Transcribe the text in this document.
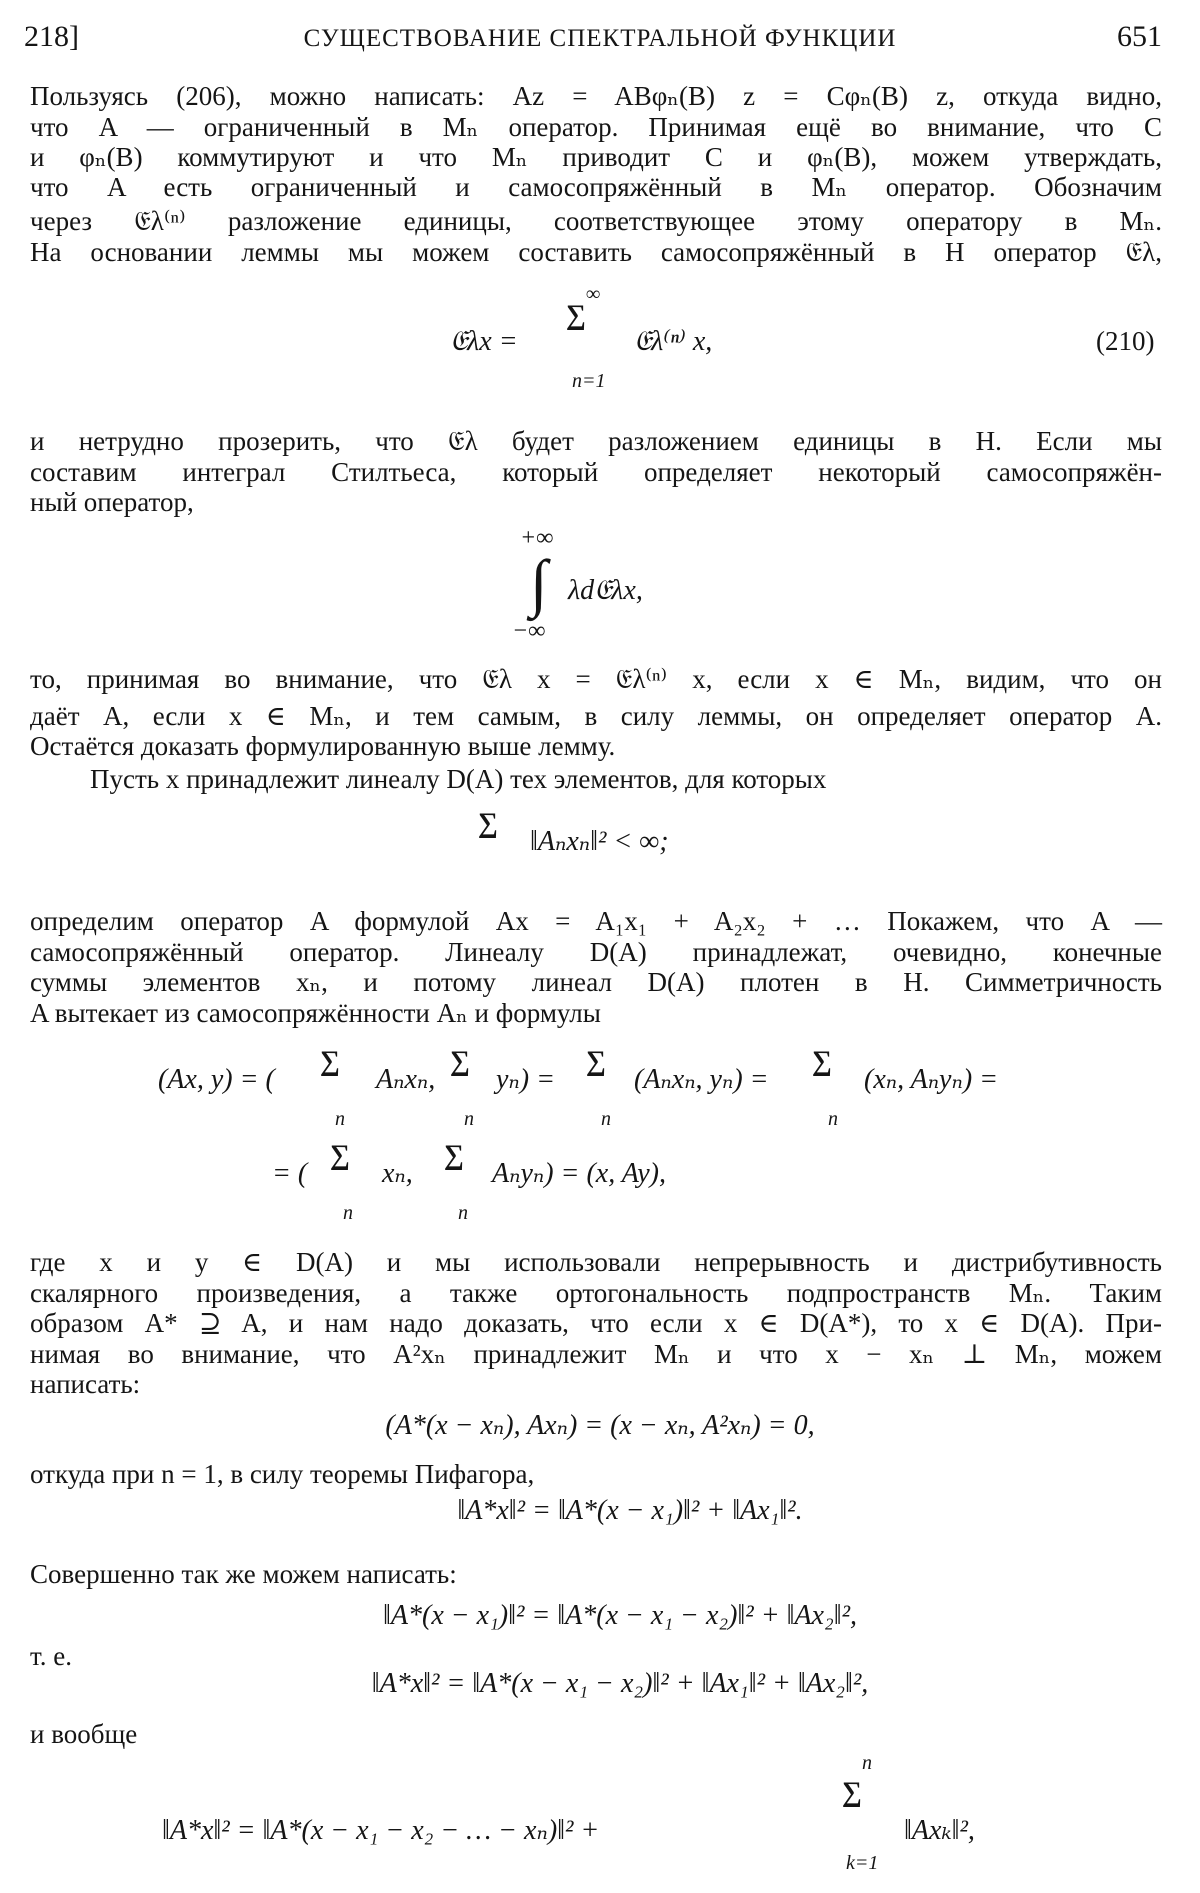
218]	СУЩЕСТВОВАНИЕ СПЕКТРАЛЬНОЙ ФУНКЦИИ	651
Пользуясь (206), можно написать: Az = ABφₙ(B) z = Cφₙ(B) z, откуда видно,
что A — ограниченный в Mₙ оператор. Принимая ещё во внимание, что C
и φₙ(B) коммутируют и что Mₙ приводит C и φₙ(B), можем утверждать,
что A есть ограниченный и самосопряжённый в Mₙ оператор. Обозначим
через 𝔈λ⁽ⁿ⁾ разложение единицы, соответствующее этому оператору в Mₙ.
На основании леммы мы можем составить самосопряжённый в H оператор 𝔈λ,
𝔈λx =
∞
∑
n=1
𝔈λ⁽ⁿ⁾ x,	(210)
и нетрудно прозерить, что 𝔈λ будет разложением единицы в H. Если мы
составим интеграл Стилтьеса, который определяет некоторый самосопряжён-
ный оператор,
+∞
∫ λd𝔈λx,
−∞
то, принимая во внимание, что 𝔈λ x = 𝔈λ⁽ⁿ⁾ x, если x ∈ Mₙ, видим, что он
даёт A, если x ∈ Mₙ, и тем самым, в силу леммы, он определяет оператор A.
Остаётся доказать формулированную выше лемму.
Пусть x принадлежит линеалу D(A) тех элементов, для которых
∑
‖Aₙxₙ‖² < ∞;
определим оператор A формулой Ax = A₁x₁ + A₂x₂ + … Покажем, что A —
самосопряжённый оператор. Линеалу D(A) принадлежат, очевидно, конечные
суммы элементов xₙ, и потому линеал D(A) плотен в H. Симметричность
A вытекает из самосопряжённости Aₙ и формулы
(Ax, y) = (
∑
n
Aₙxₙ,
∑
n
yₙ) =
∑
n
(Aₙxₙ, yₙ) =
∑
n
(xₙ, Aₙyₙ) =
= (
∑
n
xₙ,
∑
n
Aₙyₙ) = (x, Ay),
где x и y ∈ D(A) и мы использовали непрерывность и дистрибутивность
скалярного произведения, а также ортогональность подпространств Mₙ. Таким
образом A* ⊇ A, и нам надо доказать, что если x ∈ D(A*), то x ∈ D(A). При-
нимая во внимание, что A²xₙ принадлежит Mₙ и что x − xₙ ⊥ Mₙ, можем
написать:
(A*(x − xₙ), Axₙ) = (x − xₙ, A²xₙ) = 0,
откуда при n = 1, в силу теоремы Пифагора,
‖A*x‖² = ‖A*(x − x₁)‖² + ‖Ax₁‖².
Совершенно так же можем написать:
‖A*(x − x₁)‖² = ‖A*(x − x₁ − x₂)‖² + ‖Ax₂‖²,
т. е.
‖A*x‖² = ‖A*(x − x₁ − x₂)‖² + ‖Ax₁‖² + ‖Ax₂‖²,
и вообще
‖A*x‖² = ‖A*(x − x₁ − x₂ − … − xₙ)‖² +
n
∑
k=1
‖Axₖ‖²,
